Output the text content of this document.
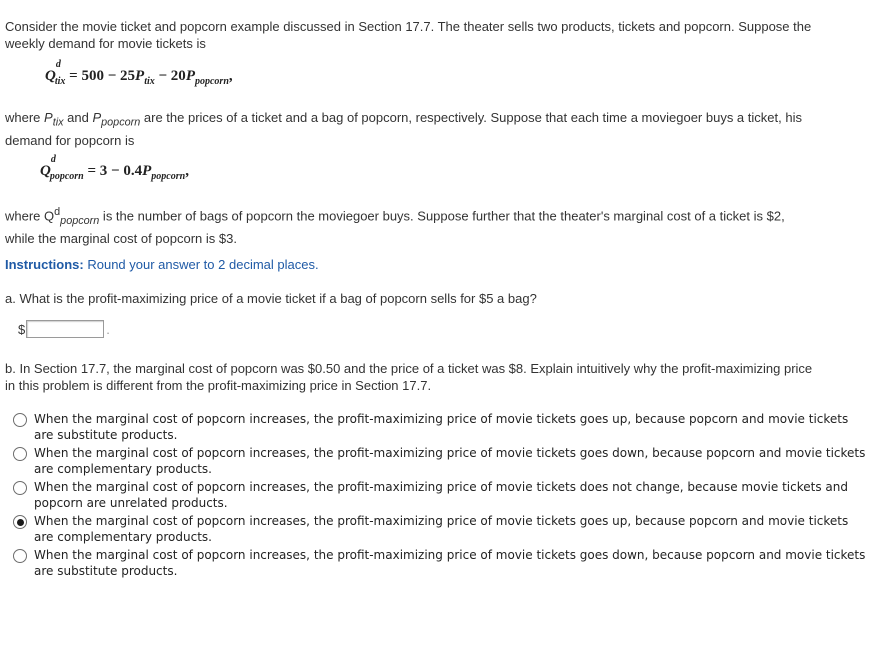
Consider the movie ticket and popcorn example discussed in Section 17.7. The theater sells two products, tickets and popcorn. Suppose the
weekly demand for movie tickets is
$Q^d_{tix} = 500 - 25P_{tix} - 20P_{popcorn}$,
where $P_{tix}$ and $P_{popcorn}$ are the prices of a ticket and a bag of popcorn, respectively. Suppose that each time a moviegoer buys a ticket, his
demand for popcorn is
$Q^d_{popcorn} = 3 - 0.4P_{popcorn}$,
where $Q^d_{popcorn}$ is the number of bags of popcorn the moviegoer buys. Suppose further that the theater's marginal cost of a ticket is $2,
while the marginal cost of popcorn is $3.
Instructions: Round your answer to 2 decimal places.
a. What is the profit-maximizing price of a movie ticket if a bag of popcorn sells for $5 a bag?
$	.
b. In Section 17.7, the marginal cost of popcorn was $0.50 and the price of a ticket was $8. Explain intuitively why the profit-maximizing price
in this problem is different from the profit-maximizing price in Section 17.7.
When the marginal cost of popcorn increases, the profit-maximizing price of movie tickets goes up, because popcorn and movie tickets are substitute products.
When the marginal cost of popcorn increases, the profit-maximizing price of movie tickets goes down, because popcorn and movie tickets are complementary products.
When the marginal cost of popcorn increases, the profit-maximizing price of movie tickets does not change, because movie tickets and popcorn are unrelated products.
When the marginal cost of popcorn increases, the profit-maximizing price of movie tickets goes up, because popcorn and movie tickets are complementary products.
When the marginal cost of popcorn increases, the profit-maximizing price of movie tickets goes down, because popcorn and movie tickets are substitute products.
